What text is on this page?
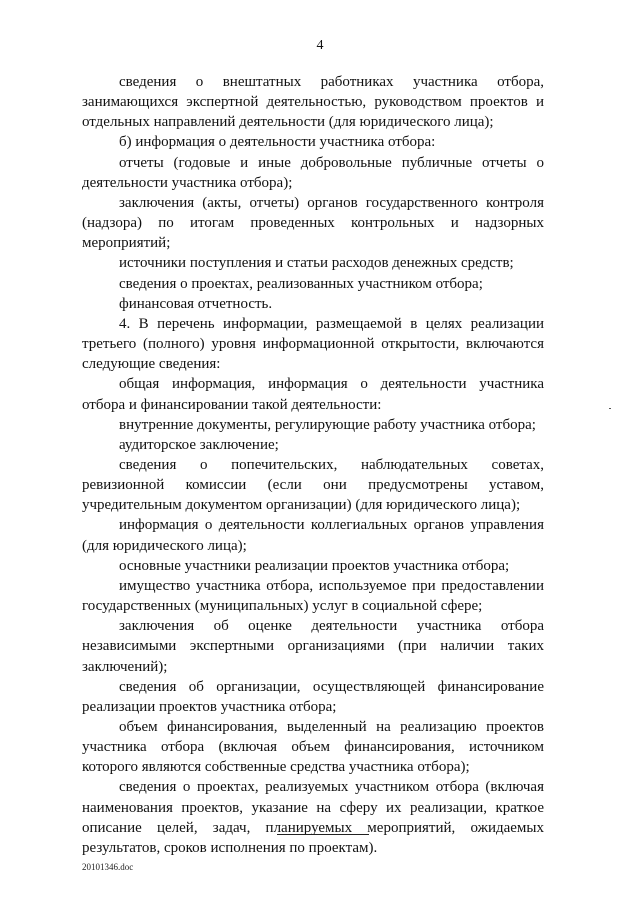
4

сведения о внештатных работниках участника отбора, занимающихся экспертной деятельностью, руководством проектов и отдельных направлений деятельности (для юридического лица);

б) информация о деятельности участника отбора:

отчеты (годовые и иные добровольные публичные отчеты о деятельности участника отбора);

заключения (акты, отчеты) органов государственного контроля (надзора) по итогам проведенных контрольных и надзорных мероприятий;

источники поступления и статьи расходов денежных средств;

сведения о проектах, реализованных участником отбора;

финансовая отчетность.

4. В перечень информации, размещаемой в целях реализации третьего (полного) уровня информационной открытости, включаются следующие сведения:

общая информация, информация о деятельности участника отбора и финансировании такой деятельности:

внутренние документы, регулирующие работу участника отбора;

аудиторское заключение;

сведения о попечительских, наблюдательных советах, ревизионной комиссии (если они предусмотрены уставом, учредительным документом организации) (для юридического лица);

информация о деятельности коллегиальных органов управления (для юридического лица);

основные участники реализации проектов участника отбора;

имущество участника отбора, используемое при предоставлении государственных (муниципальных) услуг в социальной сфере;

заключения об оценке деятельности участника отбора независимыми экспертными организациями (при наличии таких заключений);

сведения об организации, осуществляющей финансирование реализации проектов участника отбора;

объем финансирования, выделенный на реализацию проектов участника отбора (включая объем финансирования, источником которого являются собственные средства участника отбора);

сведения о проектах, реализуемых участником отбора (включая наименования проектов, указание на сферу их реализации, краткое описание целей, задач, планируемых мероприятий, ожидаемых результатов, сроков исполнения по проектам).

20101346.doc
